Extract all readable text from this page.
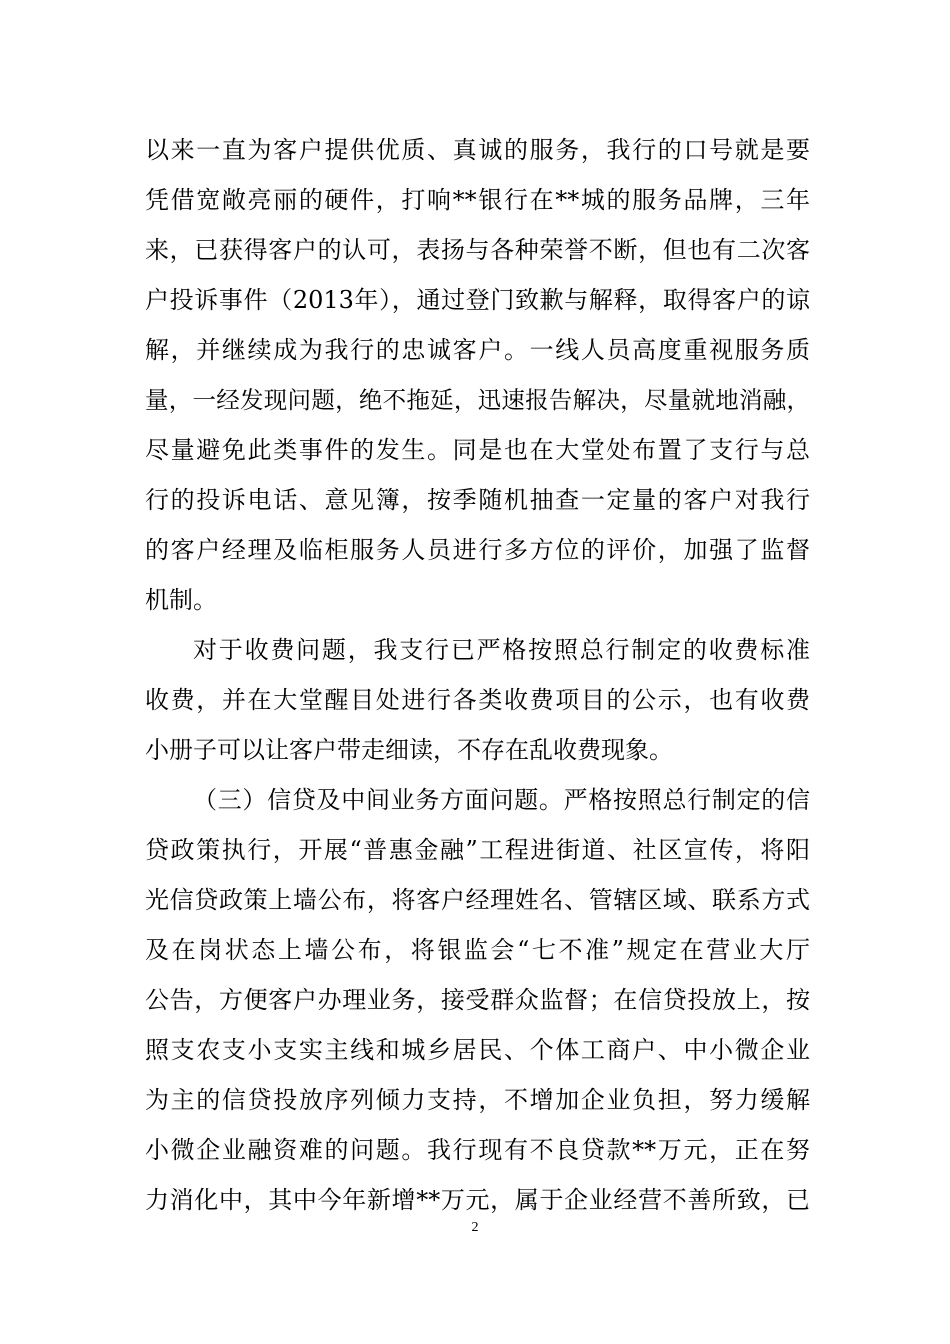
以来一直为客户提供优质、真诚的服务，我行的口号就是要
凭借宽敞亮丽的硬件，打响**银行在**城的服务品牌，三年
来，已获得客户的认可，表扬与各种荣誉不断，但也有二次客
户投诉事件（2013年），通过登门致歉与解释，取得客户的谅
解，并继续成为我行的忠诚客户。一线人员高度重视服务质
量，一经发现问题，绝不拖延，迅速报告解决，尽量就地消融，
尽量避免此类事件的发生。同是也在大堂处布置了支行与总
行的投诉电话、意见簿，按季随机抽查一定量的客户对我行
的客户经理及临柜服务人员进行多方位的评价，加强了监督
机制。
对于收费问题，我支行已严格按照总行制定的收费标准
收费，并在大堂醒目处进行各类收费项目的公示，也有收费
小册子可以让客户带走细读，不存在乱收费现象。
（三）信贷及中间业务方面问题。严格按照总行制定的信
贷政策执行，开展“普惠金融”工程进街道、社区宣传，将阳
光信贷政策上墙公布，将客户经理姓名、管辖区域、联系方式
及在岗状态上墙公布，将银监会“七不准”规定在营业大厅
公告，方便客户办理业务，接受群众监督；在信贷投放上，按
照支农支小支实主线和城乡居民、个体工商户、中小微企业
为主的信贷投放序列倾力支持，不增加企业负担，努力缓解
小微企业融资难的问题。我行现有不良贷款**万元，正在努
力消化中，其中今年新增**万元，属于企业经营不善所致，已
2
